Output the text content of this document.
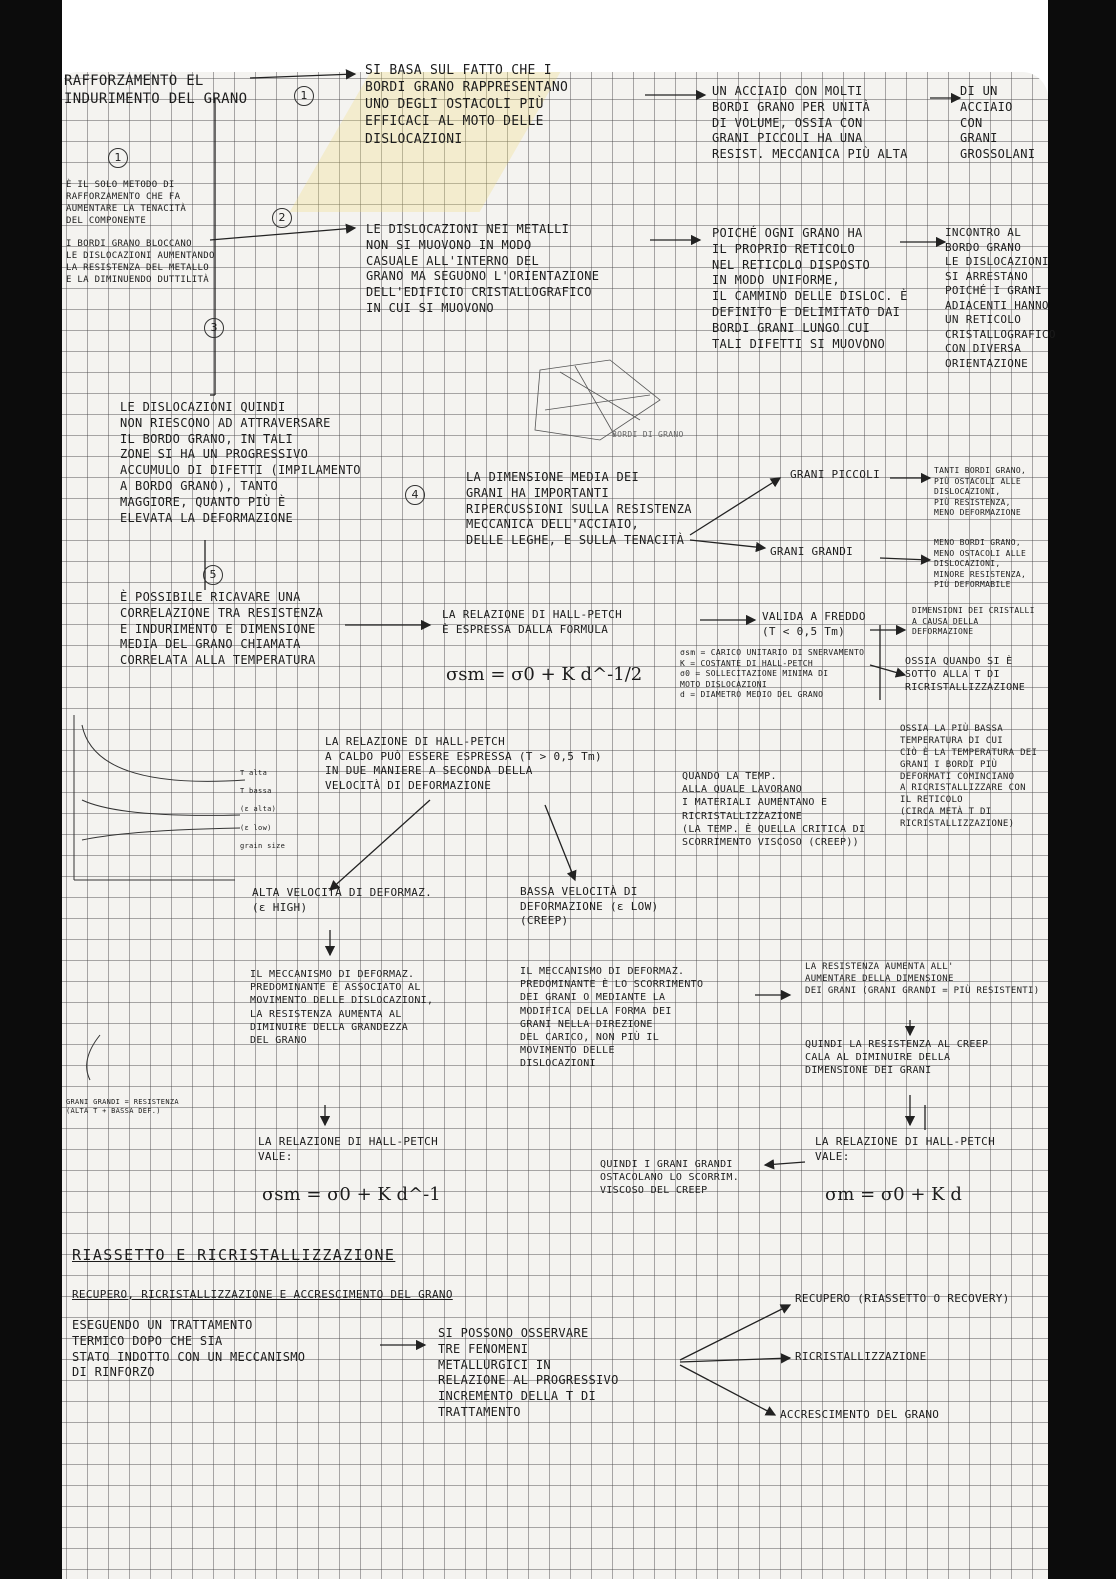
RAFFORZAMENTO EL
INDURIMENTO DEL GRANO	1
SI BASA SUL FATTO CHE I
BORDI GRANO RAPPRESENTANO
UNO DEGLI OSTACOLI PIÙ
EFFICACI AL MOTO DELLE
DISLOCAZIONI
UN ACCIAIO CON MOLTI
BORDI GRANO PER UNITÀ
DI VOLUME, OSSIA CON
GRANI PICCOLI HA UNA
RESIST. MECCANICA PIÙ ALTA
DI UN
ACCIAIO
CON
GRANI
GROSSOLANI
1
È IL SOLO METODO DI
RAFFORZAMENTO CHE FA
AUMENTARE LA TENACITÀ
DEL COMPONENTE

I BORDI GRANO BLOCCANO
LE DISLOCAZIONI AUMENTANDO
LA RESISTENZA DEL METALLO
E LA DIMINUENDO DUTTILITÀ
2
LE DISLOCAZIONI NEI METALLI
NON SI MUOVONO IN MODO
CASUALE ALL'INTERNO DEL
GRANO MA SEGUONO L'ORIENTAZIONE
DELL'EDIFICIO CRISTALLOGRAFICO
IN CUI SI MUOVONO
POICHÉ OGNI GRANO HA
IL PROPRIO RETICOLO
NEL RETICOLO DISPOSTO
IN MODO UNIFORME,
IL CAMMINO DELLE DISLOC. È
DEFINITO E DELIMITATO DAI
BORDI GRANI LUNGO CUI
TALI DIFETTI SI MUOVONO
INCONTRO AL
BORDO GRANO
LE DISLOCAZIONI
SI ARRESTANO
POICHÉ I GRANI
ADIACENTI HANNO
UN RETICOLO
CRISTALLOGRAFICO
CON DIVERSA
ORIENTAZIONE
3
BORDI DI GRANO
LE DISLOCAZIONI QUINDI
NON RIESCONO AD ATTRAVERSARE
IL BORDO GRANO, IN TALI
ZONE SI HA UN PROGRESSIVO
ACCUMULO DI DIFETTI (IMPILAMENTO
A BORDO GRANO), TANTO
MAGGIORE, QUANTO PIÙ È
ELEVATA LA DEFORMAZIONE
4
LA DIMENSIONE MEDIA DEI
GRANI HA IMPORTANTI
RIPERCUSSIONI SULLA RESISTENZA
MECCANICA DELL'ACCIAIO,
DELLE LEGHE, E SULLA TENACITÀ
GRANI PICCOLI
GRANI GRANDI
TANTI BORDI GRANO,
PIÙ OSTACOLI ALLE
DISLOCAZIONI,
PIÙ RESISTENZA,
MENO DEFORMAZIONE
MENO BORDI GRANO,
MENO OSTACOLI ALLE
DISLOCAZIONI,
MINORE RESISTENZA,
PIÙ DEFORMABILE
5
È POSSIBILE RICAVARE UNA
CORRELAZIONE TRA RESISTENZA
E INDURIMENTO E DIMENSIONE
MEDIA DEL GRANO CHIAMATA
CORRELATA ALLA TEMPERATURA
LA RELAZIONE DI HALL-PETCH
È ESPRESSA DALLA FORMULA
σsm = σ0 + K d^-1/2
VALIDA A FREDDO
(T < 0,5 Tm)
σsm = CARICO UNITARIO DI SNERVAMENTO
K = COSTANTE DI HALL-PETCH
σ0 = SOLLECITAZIONE MINIMA DI
MOTO DISLOCAZIONI
d = DIAMETRO MEDIO DEL GRANO
DIMENSIONI DEI CRISTALLI
A CAUSA DELLA
DEFORMAZIONE
OSSIA QUANDO SI È
SOTTO ALLA T DI
RICRISTALLIZZAZIONE
OSSIA LA PIÙ BASSA
TEMPERATURA DI CUI
CIÒ È LA TEMPERATURA DEI
GRANI I BORDI PIÙ
DEFORMATI COMINCIANO
A RICRISTALLIZZARE CON
IL RETICOLO
(CIRCA METÀ T DI
RICRISTALLIZZAZIONE)
LA RELAZIONE DI HALL-PETCH
A CALDO PUÒ ESSERE ESPRESSA (T > 0,5 Tm)
IN DUE MANIERE A SECONDA DELLA
VELOCITÀ DI DEFORMAZIONE
T alta
T bassa
(ε alta)
(ε low)
grain size
QUANDO LA TEMP.
ALLA QUALE LAVORANO
I MATERIALI AUMENTANO E
RICRISTALLIZZAZIONE
(LA TEMP. È QUELLA CRITICA DI
SCORRIMENTO VISCOSO (CREEP))
ALTA VELOCITÀ DI DEFORMAZ.
(ε HIGH)
BASSA VELOCITÀ DI
DEFORMAZIONE (ε LOW)
(CREEP)
IL MECCANISMO DI DEFORMAZ.
PREDOMINANTE È ASSOCIATO AL
MOVIMENTO DELLE DISLOCAZIONI,
LA RESISTENZA AUMENTA AL
DIMINUIRE DELLA GRANDEZZA
DEL GRANO
IL MECCANISMO DI DEFORMAZ.
PREDOMINANTE È LO SCORRIMENTO
DEI GRANI O MEDIANTE LA
MODIFICA DELLA FORMA DEI
GRANI NELLA DIREZIONE
DEL CARICO, NON PIÙ IL
MOVIMENTO DELLE
DISLOCAZIONI
LA RESISTENZA AUMENTA ALL'
AUMENTARE DELLA DIMENSIONE
DEI GRANI (GRANI GRANDI = PIÙ RESISTENTI)
QUINDI LA RESISTENZA AL CREEP
CALA AL DIMINUIRE DELLA
DIMENSIONE DEI GRANI
GRANI GRANDI = RESISTENZA
(ALTA T + BASSA DEF.)
LA RELAZIONE DI HALL-PETCH
VALE:
σsm = σ0 + K d^-1
LA RELAZIONE DI HALL-PETCH
VALE:
σm = σ0 + K d
QUINDI I GRANI GRANDI
OSTACOLANO LO SCORRIM.
VISCOSO DEL CREEP
RIASSETTO E RICRISTALLIZZAZIONE
RECUPERO, RICRISTALLIZZAZIONE E ACCRESCIMENTO DEL GRANO
ESEGUENDO UN TRATTAMENTO
TERMICO DOPO CHE SIA
STATO INDOTTO CON UN MECCANISMO
DI RINFORZO
SI POSSONO OSSERVARE
TRE FENOMENI
METALLURGICI IN
RELAZIONE AL PROGRESSIVO
INCREMENTO DELLA T DI
TRATTAMENTO
RECUPERO (RIASSETTO O RECOVERY)
RICRISTALLIZZAZIONE
ACCRESCIMENTO DEL GRANO
